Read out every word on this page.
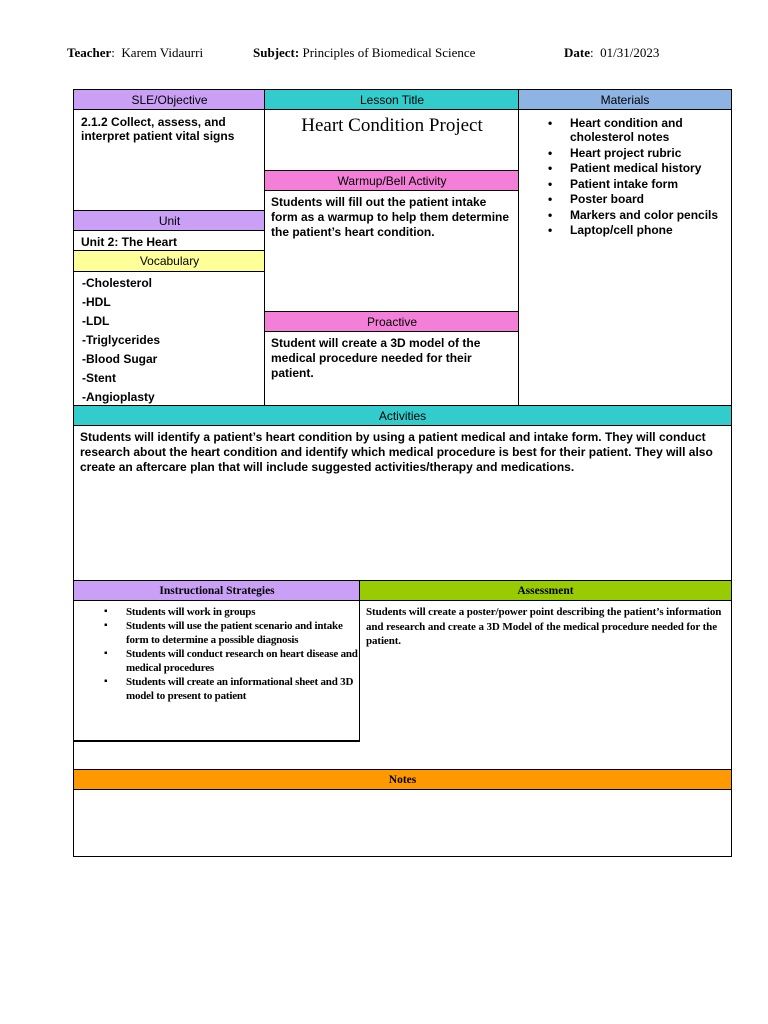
Teacher:  Karem Vidaurri	Subject: Principles of Biomedical Science	Date:  01/31/2023
SLE/Objective
2.1.2 Collect, assess, and interpret patient vital signs
Unit
Unit 2: The Heart
Vocabulary
-Cholesterol
-HDL
-LDL
-Triglycerides
-Blood Sugar
-Stent
-Angioplasty
Lesson Title
Heart Condition Project
Warmup/Bell Activity
Students will fill out the patient intake form as a warmup to help them determine the patient’s heart condition.
Proactive
Student will create a 3D model of the medical procedure needed for their patient.
Materials
• Heart condition and cholesterol notes
• Heart project rubric
• Patient medical history
• Patient intake form
• Poster board
• Markers and color pencils
• Laptop/cell phone
Activities
Students will identify a patient’s heart condition by using a patient medical and intake form. They will conduct research about the heart condition and identify which medical procedure is best for their patient. They will also create an aftercare plan that will include suggested activities/therapy and medications.
Instructional Strategies	Assessment
▪ Students will work in groups
▪ Students will use the patient scenario and intake form to determine a possible diagnosis
▪ Students will conduct research on heart disease and medical procedures
▪ Students will create an informational sheet and 3D model to present to patient
Students will create a poster/power point describing the patient’s information and research and create a 3D Model of the medical procedure needed for the patient.
Notes
